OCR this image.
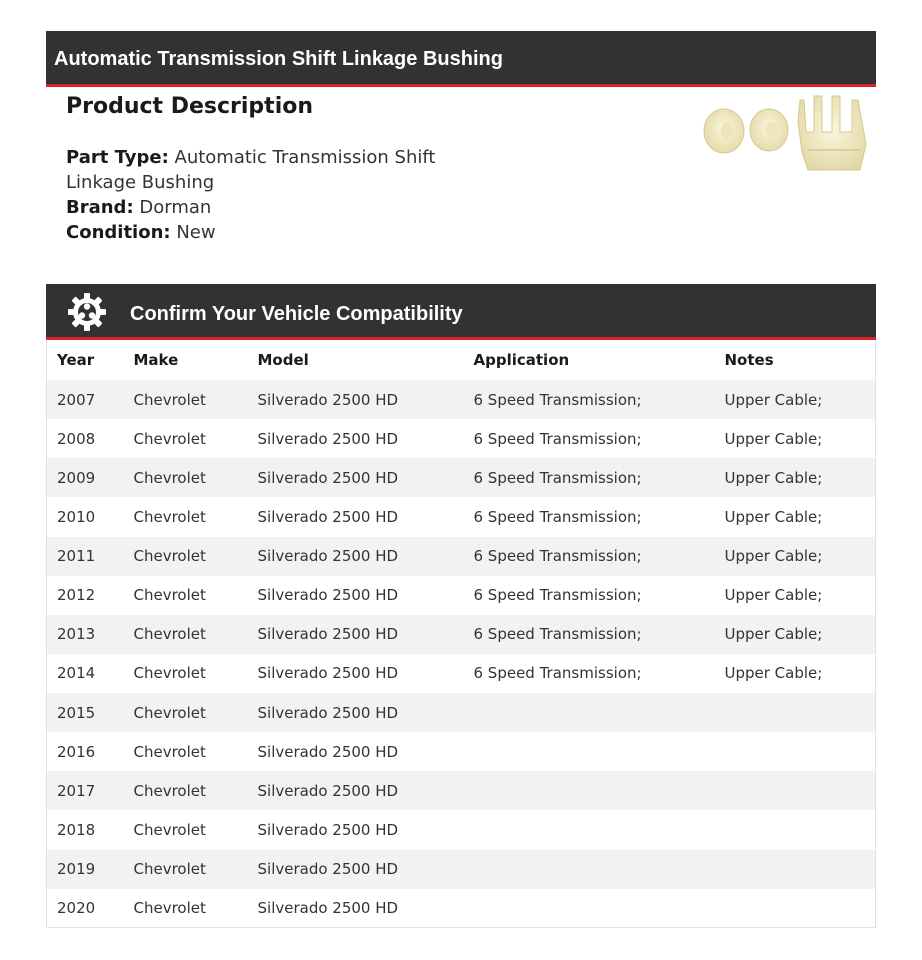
Automatic Transmission Shift Linkage Bushing
Product Description
Part Type: Automatic Transmission Shift Linkage Bushing
Brand: Dorman
Condition: New
Confirm Your Vehicle Compatibility
Year	Make	Model	Application	Notes
2007	Chevrolet	Silverado 2500 HD	6 Speed Transmission;	Upper Cable;
2008	Chevrolet	Silverado 2500 HD	6 Speed Transmission;	Upper Cable;
2009	Chevrolet	Silverado 2500 HD	6 Speed Transmission;	Upper Cable;
2010	Chevrolet	Silverado 2500 HD	6 Speed Transmission;	Upper Cable;
2011	Chevrolet	Silverado 2500 HD	6 Speed Transmission;	Upper Cable;
2012	Chevrolet	Silverado 2500 HD	6 Speed Transmission;	Upper Cable;
2013	Chevrolet	Silverado 2500 HD	6 Speed Transmission;	Upper Cable;
2014	Chevrolet	Silverado 2500 HD	6 Speed Transmission;	Upper Cable;
2015	Chevrolet	Silverado 2500 HD		
2016	Chevrolet	Silverado 2500 HD		
2017	Chevrolet	Silverado 2500 HD		
2018	Chevrolet	Silverado 2500 HD		
2019	Chevrolet	Silverado 2500 HD		
2020	Chevrolet	Silverado 2500 HD		
